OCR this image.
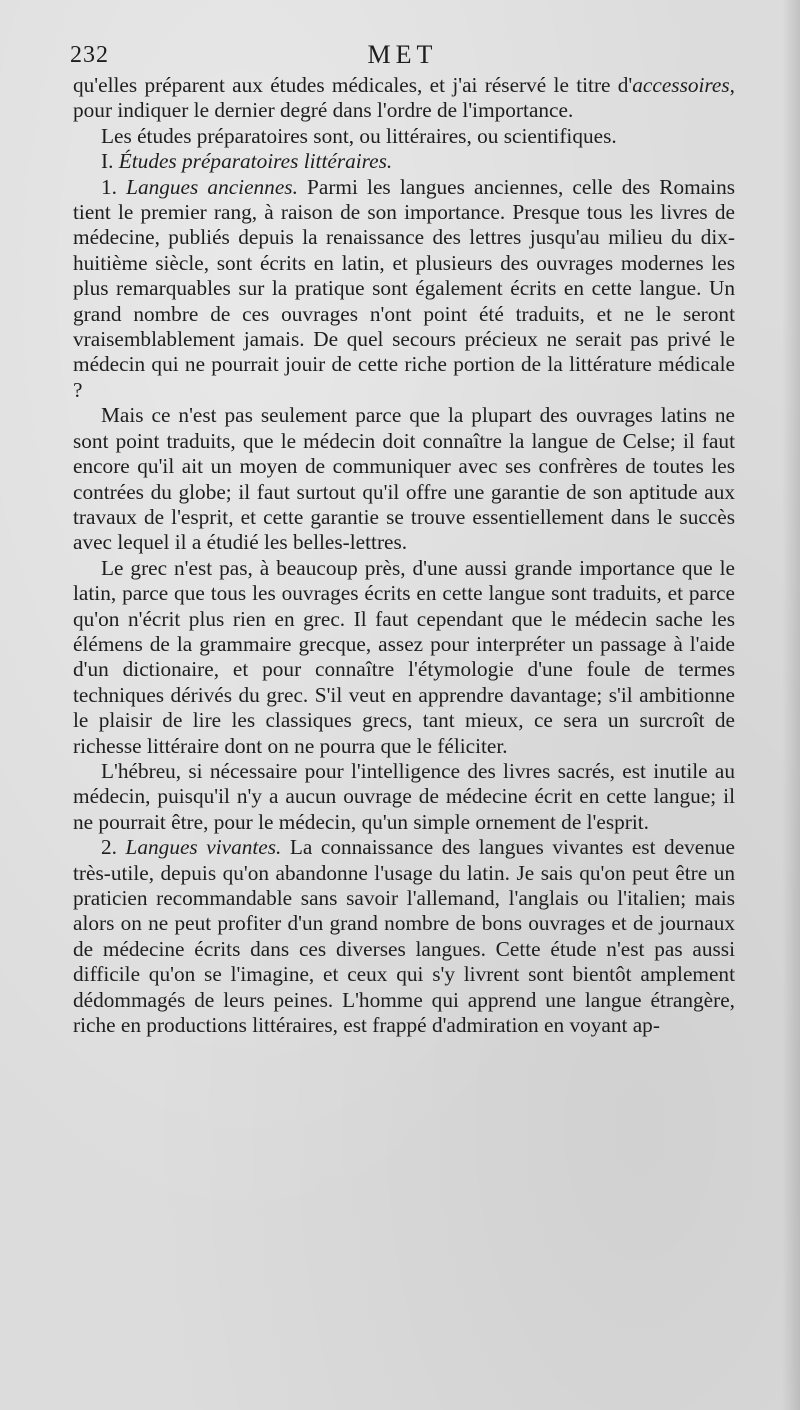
232	MET

qu'elles préparent aux études médicales, et j'ai réservé le titre d'accessoires, pour indiquer le dernier degré dans l'ordre de l'importance.

Les études préparatoires sont, ou littéraires, ou scientifiques.

I. Études préparatoires littéraires.

1. Langues anciennes. Parmi les langues anciennes, celle des Romains tient le premier rang, à raison de son importance. Presque tous les livres de médecine, publiés depuis la renaissance des lettres jusqu'au milieu du dix-huitième siècle, sont écrits en latin, et plusieurs des ouvrages modernes les plus remarquables sur la pratique sont également écrits en cette langue. Un grand nombre de ces ouvrages n'ont point été traduits, et ne le seront vraisemblablement jamais. De quel secours précieux ne serait pas privé le médecin qui ne pourrait jouir de cette riche portion de la littérature médicale ?

Mais ce n'est pas seulement parce que la plupart des ouvrages latins ne sont point traduits, que le médecin doit connaître la langue de Celse; il faut encore qu'il ait un moyen de communiquer avec ses confrères de toutes les contrées du globe; il faut surtout qu'il offre une garantie de son aptitude aux travaux de l'esprit, et cette garantie se trouve essentiellement dans le succès avec lequel il a étudié les belles-lettres.

Le grec n'est pas, à beaucoup près, d'une aussi grande importance que le latin, parce que tous les ouvrages écrits en cette langue sont traduits, et parce qu'on n'écrit plus rien en grec. Il faut cependant que le médecin sache les élémens de la grammaire grecque, assez pour interpréter un passage à l'aide d'un dictionaire, et pour connaître l'étymologie d'une foule de termes techniques dérivés du grec. S'il veut en apprendre davantage; s'il ambitionne le plaisir de lire les classiques grecs, tant mieux, ce sera un surcroît de richesse littéraire dont on ne pourra que le féliciter.

L'hébreu, si nécessaire pour l'intelligence des livres sacrés, est inutile au médecin, puisqu'il n'y a aucun ouvrage de médecine écrit en cette langue; il ne pourrait être, pour le médecin, qu'un simple ornement de l'esprit.

2. Langues vivantes. La connaissance des langues vivantes est devenue très-utile, depuis qu'on abandonne l'usage du latin. Je sais qu'on peut être un praticien recommandable sans savoir l'allemand, l'anglais ou l'italien; mais alors on ne peut profiter d'un grand nombre de bons ouvrages et de journaux de médecine écrits dans ces diverses langues. Cette étude n'est pas aussi difficile qu'on se l'imagine, et ceux qui s'y livrent sont bientôt amplement dédommagés de leurs peines. L'homme qui apprend une langue étrangère, riche en productions littéraires, est frappé d'admiration en voyant ap-
